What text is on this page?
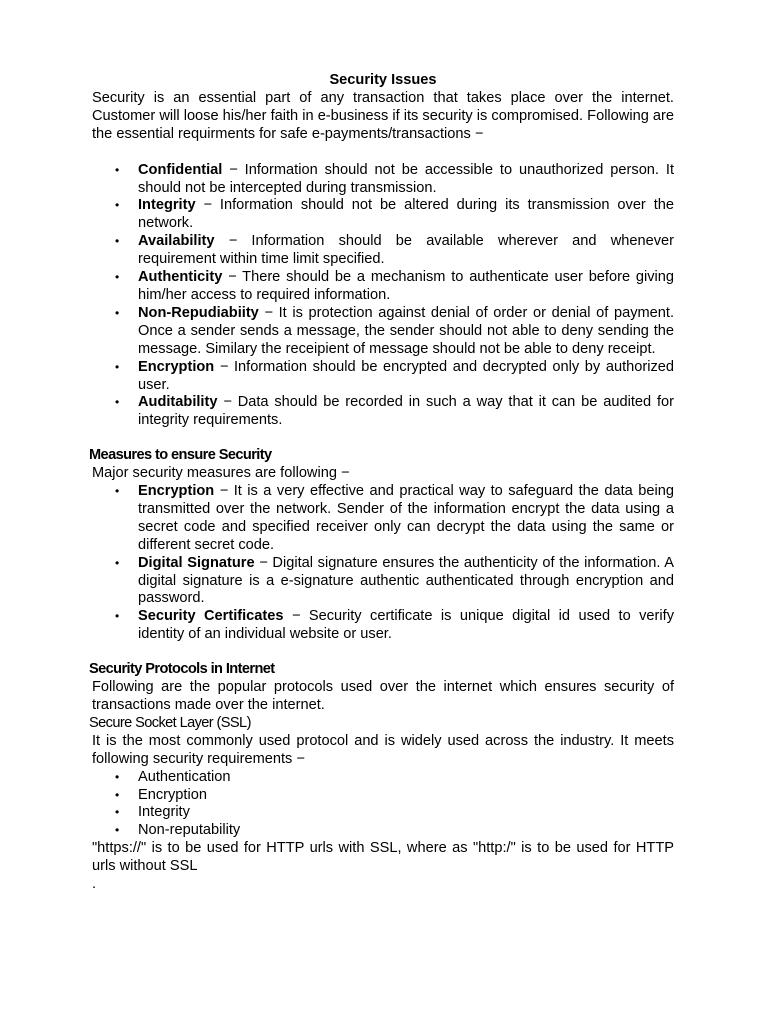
Security Issues

Security is an essential part of any transaction that takes place over the internet. Customer will loose his/her faith in e-business if its security is compromised. Following are the essential requirments for safe e-payments/transactions −

• Confidential − Information should not be accessible to unauthorized person. It should not be intercepted during transmission.
• Integrity − Information should not be altered during its transmission over the network.
• Availability − Information should be available wherever and whenever requirement within time limit specified.
• Authenticity − There should be a mechanism to authenticate user before giving him/her access to required information.
• Non-Repudiabiity − It is protection against denial of order or denial of payment. Once a sender sends a message, the sender should not able to deny sending the message. Similary the receipient of message should not be able to deny receipt.
• Encryption − Information should be encrypted and decrypted only by authorized user.
• Auditability − Data should be recorded in such a way that it can be audited for integrity requirements.

Measures to ensure Security

Major security measures are following −

• Encryption − It is a very effective and practical way to safeguard the data being transmitted over the network. Sender of the information encrypt the data using a secret code and specified receiver only can decrypt the data using the same or different secret code.
• Digital Signature − Digital signature ensures the authenticity of the information. A digital signature is a e-signature authentic authenticated through encryption and password.
• Security Certificates − Security certificate is unique digital id used to verify identity of an individual website or user.

Security Protocols in Internet

Following are the popular protocols used over the internet which ensures security of transactions made over the internet.

Secure Socket Layer (SSL)

It is the most commonly used protocol and is widely used across the industry. It meets following security requirements −

• Authentication
• Encryption
• Integrity
• Non-reputability

"https://" is to be used for HTTP urls with SSL, where as "http:/" is to be used for HTTP urls without SSL

.
